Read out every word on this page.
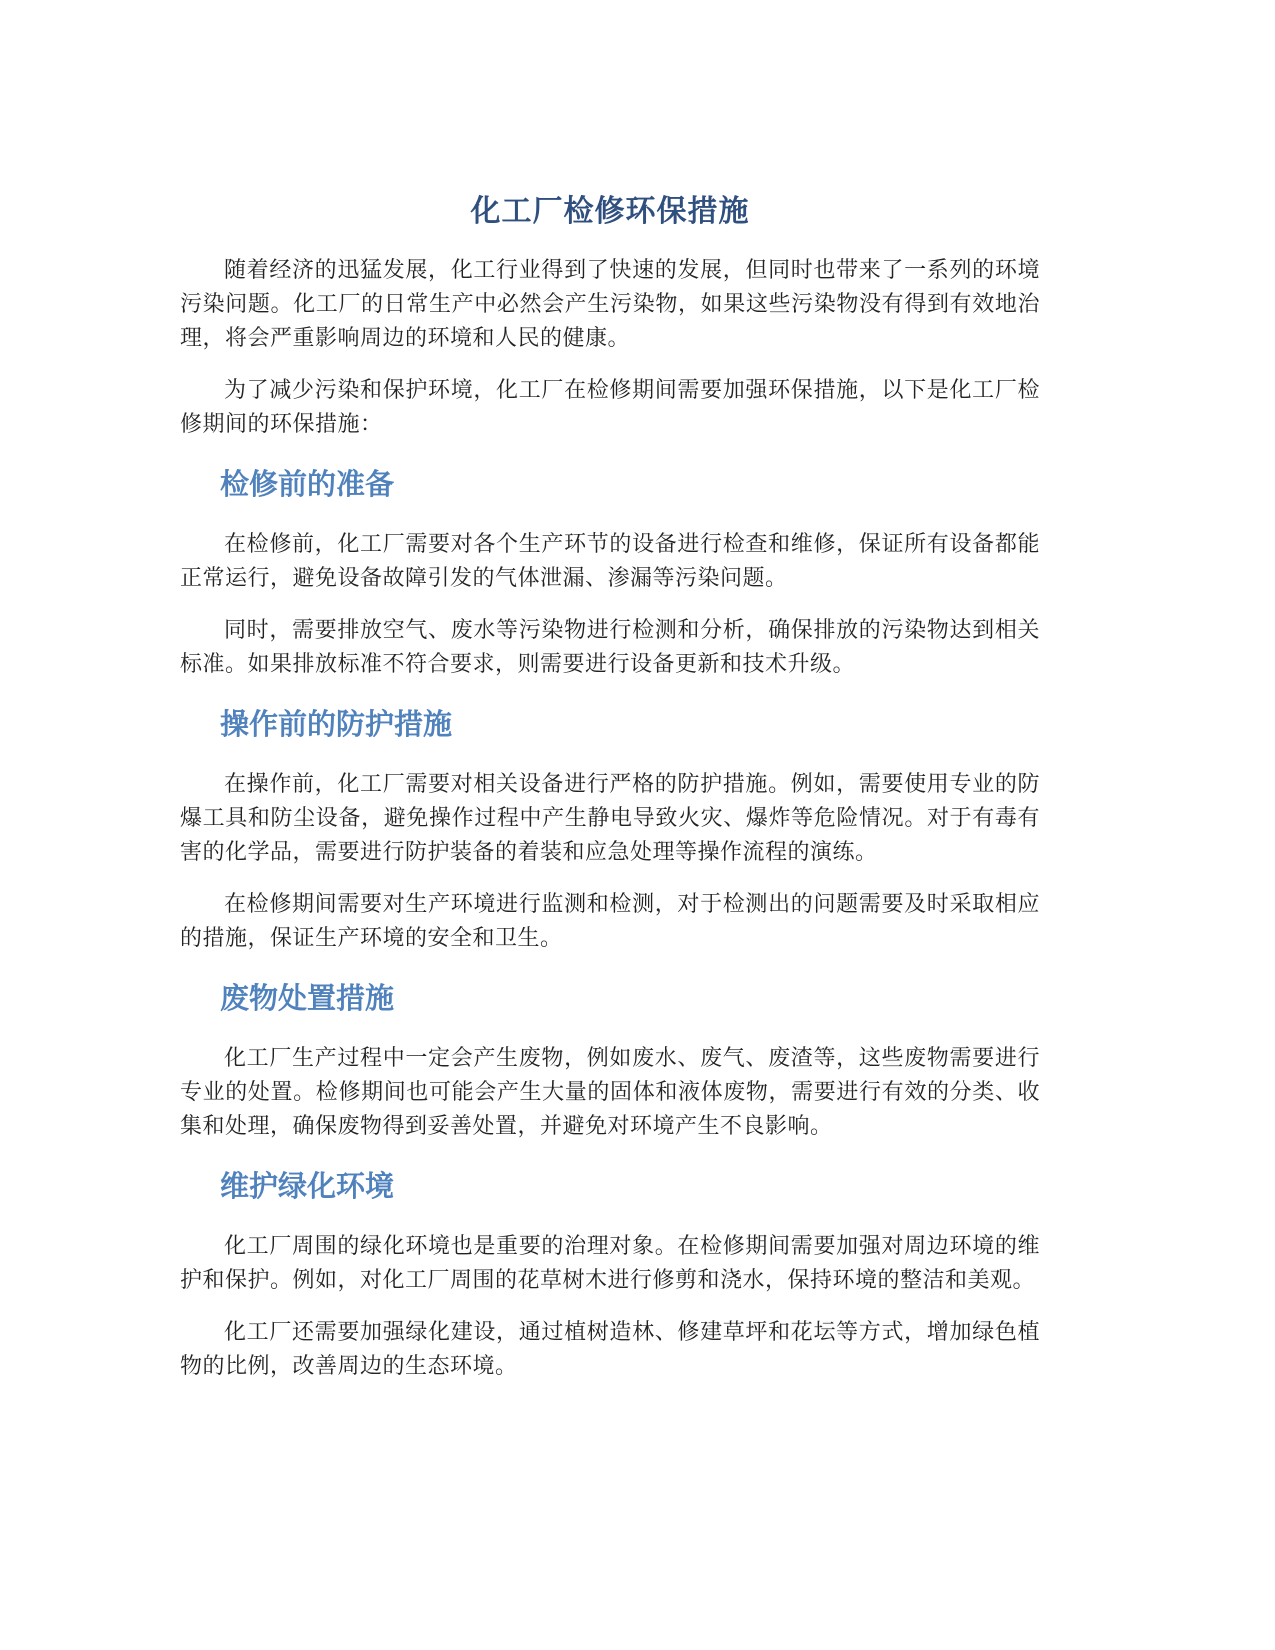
化工厂检修环保措施

随着经济的迅猛发展，化工行业得到了快速的发展，但同时也带来了一系列的环境污染问题。化工厂的日常生产中必然会产生污染物，如果这些污染物没有得到有效地治理，将会严重影响周边的环境和人民的健康。

为了减少污染和保护环境，化工厂在检修期间需要加强环保措施，以下是化工厂检修期间的环保措施：

检修前的准备

在检修前，化工厂需要对各个生产环节的设备进行检查和维修，保证所有设备都能正常运行，避免设备故障引发的气体泄漏、渗漏等污染问题。

同时，需要排放空气、废水等污染物进行检测和分析，确保排放的污染物达到相关标准。如果排放标准不符合要求，则需要进行设备更新和技术升级。

操作前的防护措施

在操作前，化工厂需要对相关设备进行严格的防护措施。例如，需要使用专业的防爆工具和防尘设备，避免操作过程中产生静电导致火灾、爆炸等危险情况。对于有毒有害的化学品，需要进行防护装备的着装和应急处理等操作流程的演练。

在检修期间需要对生产环境进行监测和检测，对于检测出的问题需要及时采取相应的措施，保证生产环境的安全和卫生。

废物处置措施

化工厂生产过程中一定会产生废物，例如废水、废气、废渣等，这些废物需要进行专业的处置。检修期间也可能会产生大量的固体和液体废物，需要进行有效的分类、收集和处理，确保废物得到妥善处置，并避免对环境产生不良影响。

维护绿化环境

化工厂周围的绿化环境也是重要的治理对象。在检修期间需要加强对周边环境的维护和保护。例如，对化工厂周围的花草树木进行修剪和浇水，保持环境的整洁和美观。

化工厂还需要加强绿化建设，通过植树造林、修建草坪和花坛等方式，增加绿色植物的比例，改善周边的生态环境。
